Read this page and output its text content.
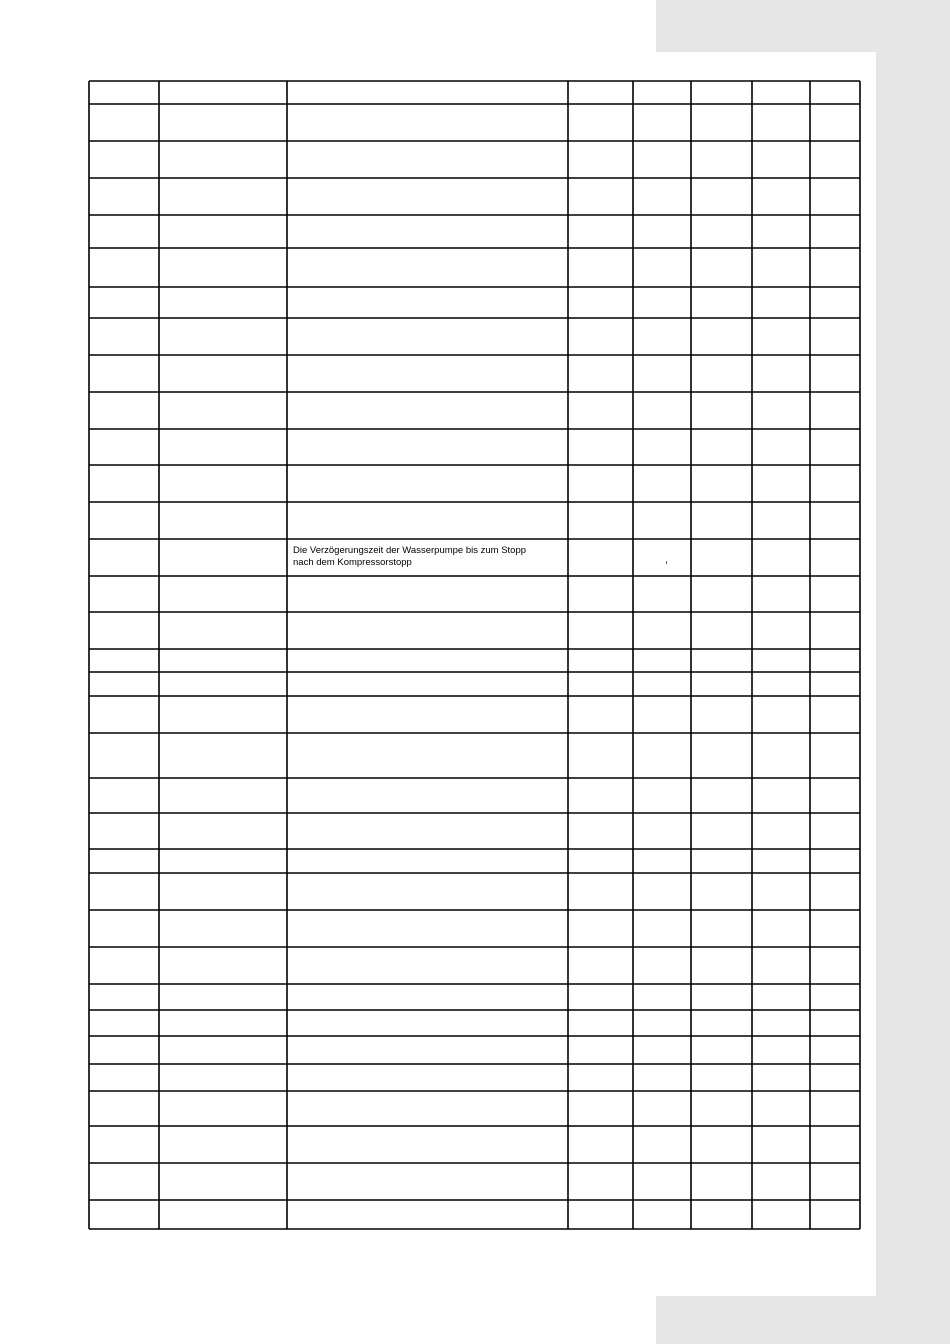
Die Verzögerungszeit der Wasserpumpe bis zum Stopp
nach dem Kompressorstopp
